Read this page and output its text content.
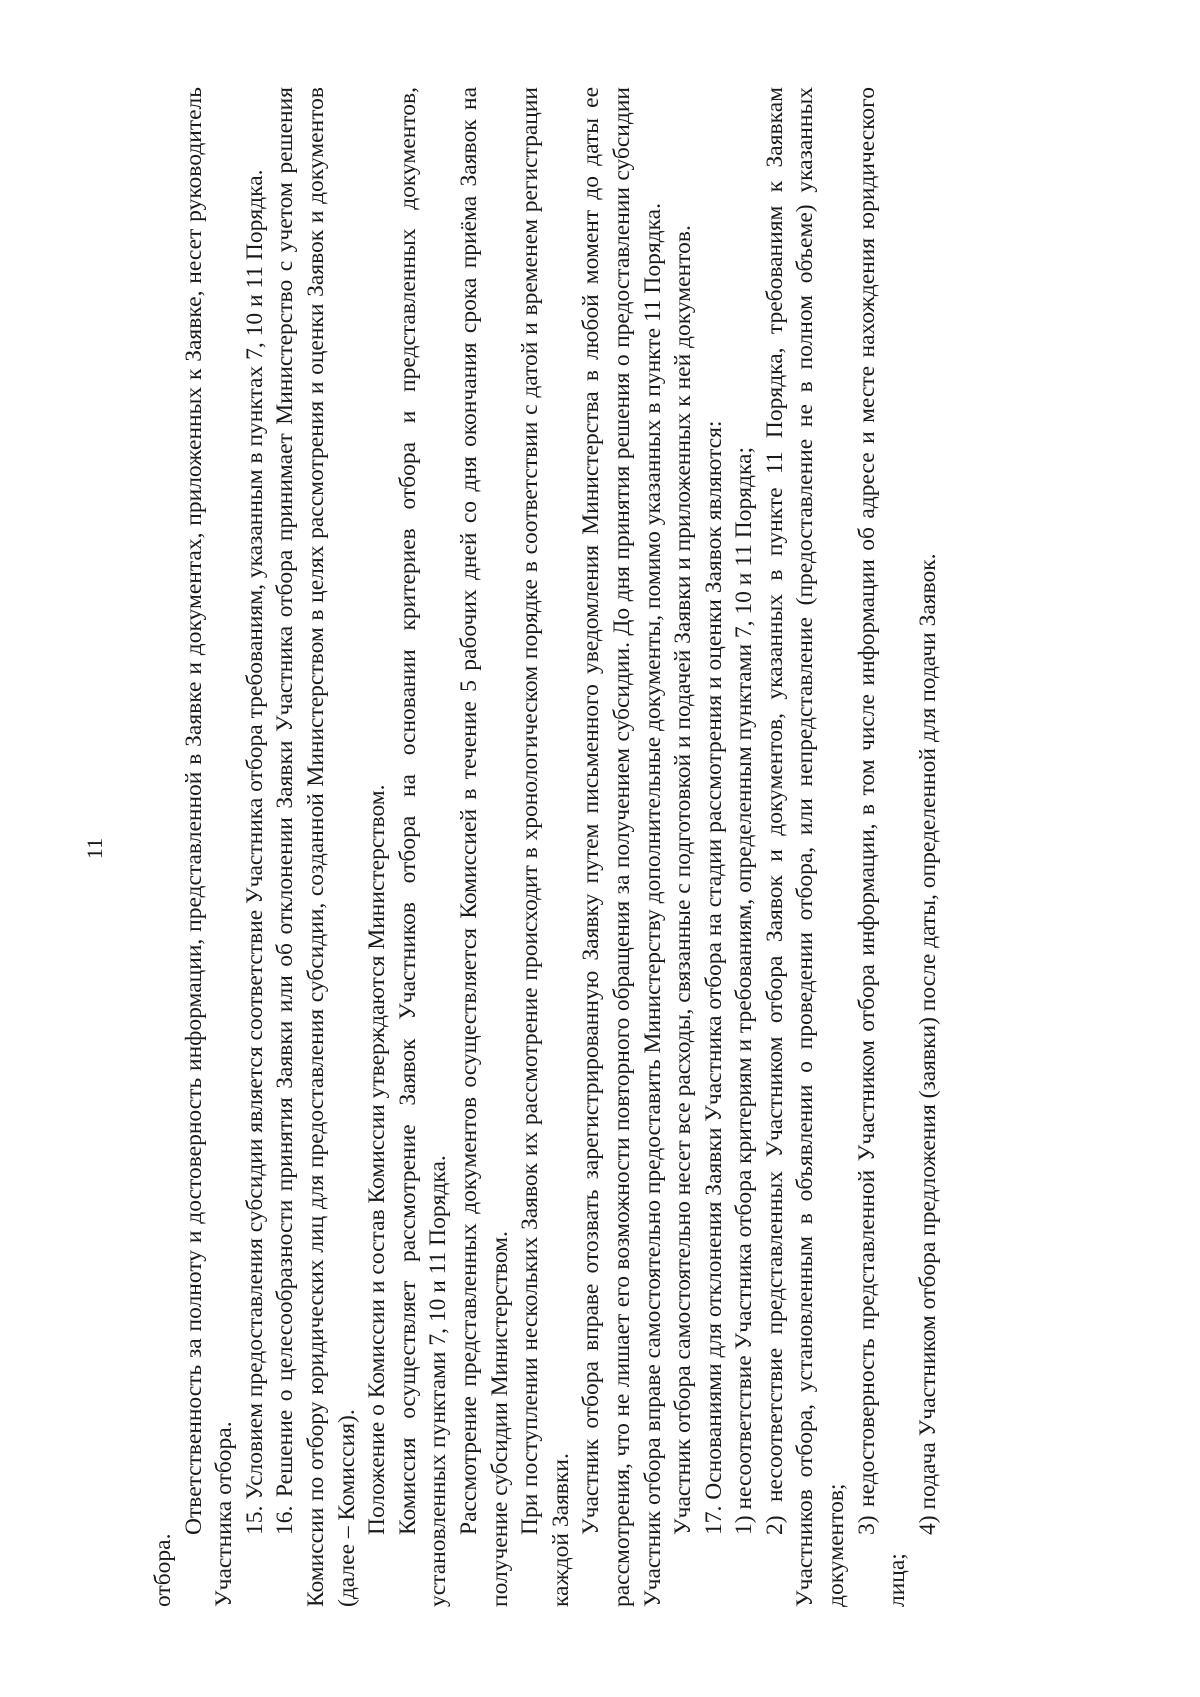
11

отбора.

Ответственность за полноту и достоверность информации, представленной в Заявке и документах, приложенных к Заявке, несет руководитель Участника отбора. 15. Условием предоставления субсидии является соответствие Участника отбора требованиям, указанным в пунктах 7, 10 и 11 Порядка. 16. Решение о целесообразности принятия Заявки или об отклонении Заявки Участника отбора принимает Министерство с учетом решения Комиссии по отбору юридических лиц для предоставления субсидии, созданной Министерством в целях рассмотрения и оценки Заявок и документов (далее – Комиссия). Положение о Комиссии и состав Комиссии утверждаются Министерством. Комиссия осуществляет рассмотрение Заявок Участников отбора на основании критериев отбора и представленных документов, установленных пунктами 7, 10 и 11 Порядка. Рассмотрение представленных документов осуществляется Комиссией в течение 5 рабочих дней со дня окончания срока приёма Заявок на получение субсидии Министерством. При поступлении нескольких Заявок их рассмотрение происходит в хронологическом порядке в соответствии с датой и временем регистрации каждой Заявки. Участник отбора вправе отозвать зарегистрированную Заявку путем письменного уведомления Министерства в любой момент до даты ее рассмотрения, что не лишает его возможности повторного обращения за получением субсидии. До дня принятия решения о предоставлении субсидии Участник отбора вправе самостоятельно предоставить Министерству дополнительные документы, помимо указанных в пункте 11 Порядка. Участник отбора самостоятельно несет все расходы, связанные с подготовкой и подачей Заявки и приложенных к ней документов. 17. Основаниями для отклонения Заявки Участника отбора на стадии рассмотрения и оценки Заявок являются: 1) несоответствие Участника отбора критериям и требованиям, определенным пунктами 7, 10 и 11 Порядка; 2) несоответствие представленных Участником отбора Заявок и документов, указанных в пункте 11 Порядка, требованиям к Заявкам Участников отбора, установленным в объявлении о проведении отбора, или непредставление (предоставление не в полном объеме) указанных документов;

3) недостоверность представленной Участником отбора информации, в том числе информации об адресе и месте нахождения юридического лица;

4) подача Участником отбора предложения (заявки) после даты, определенной для подачи Заявок.
